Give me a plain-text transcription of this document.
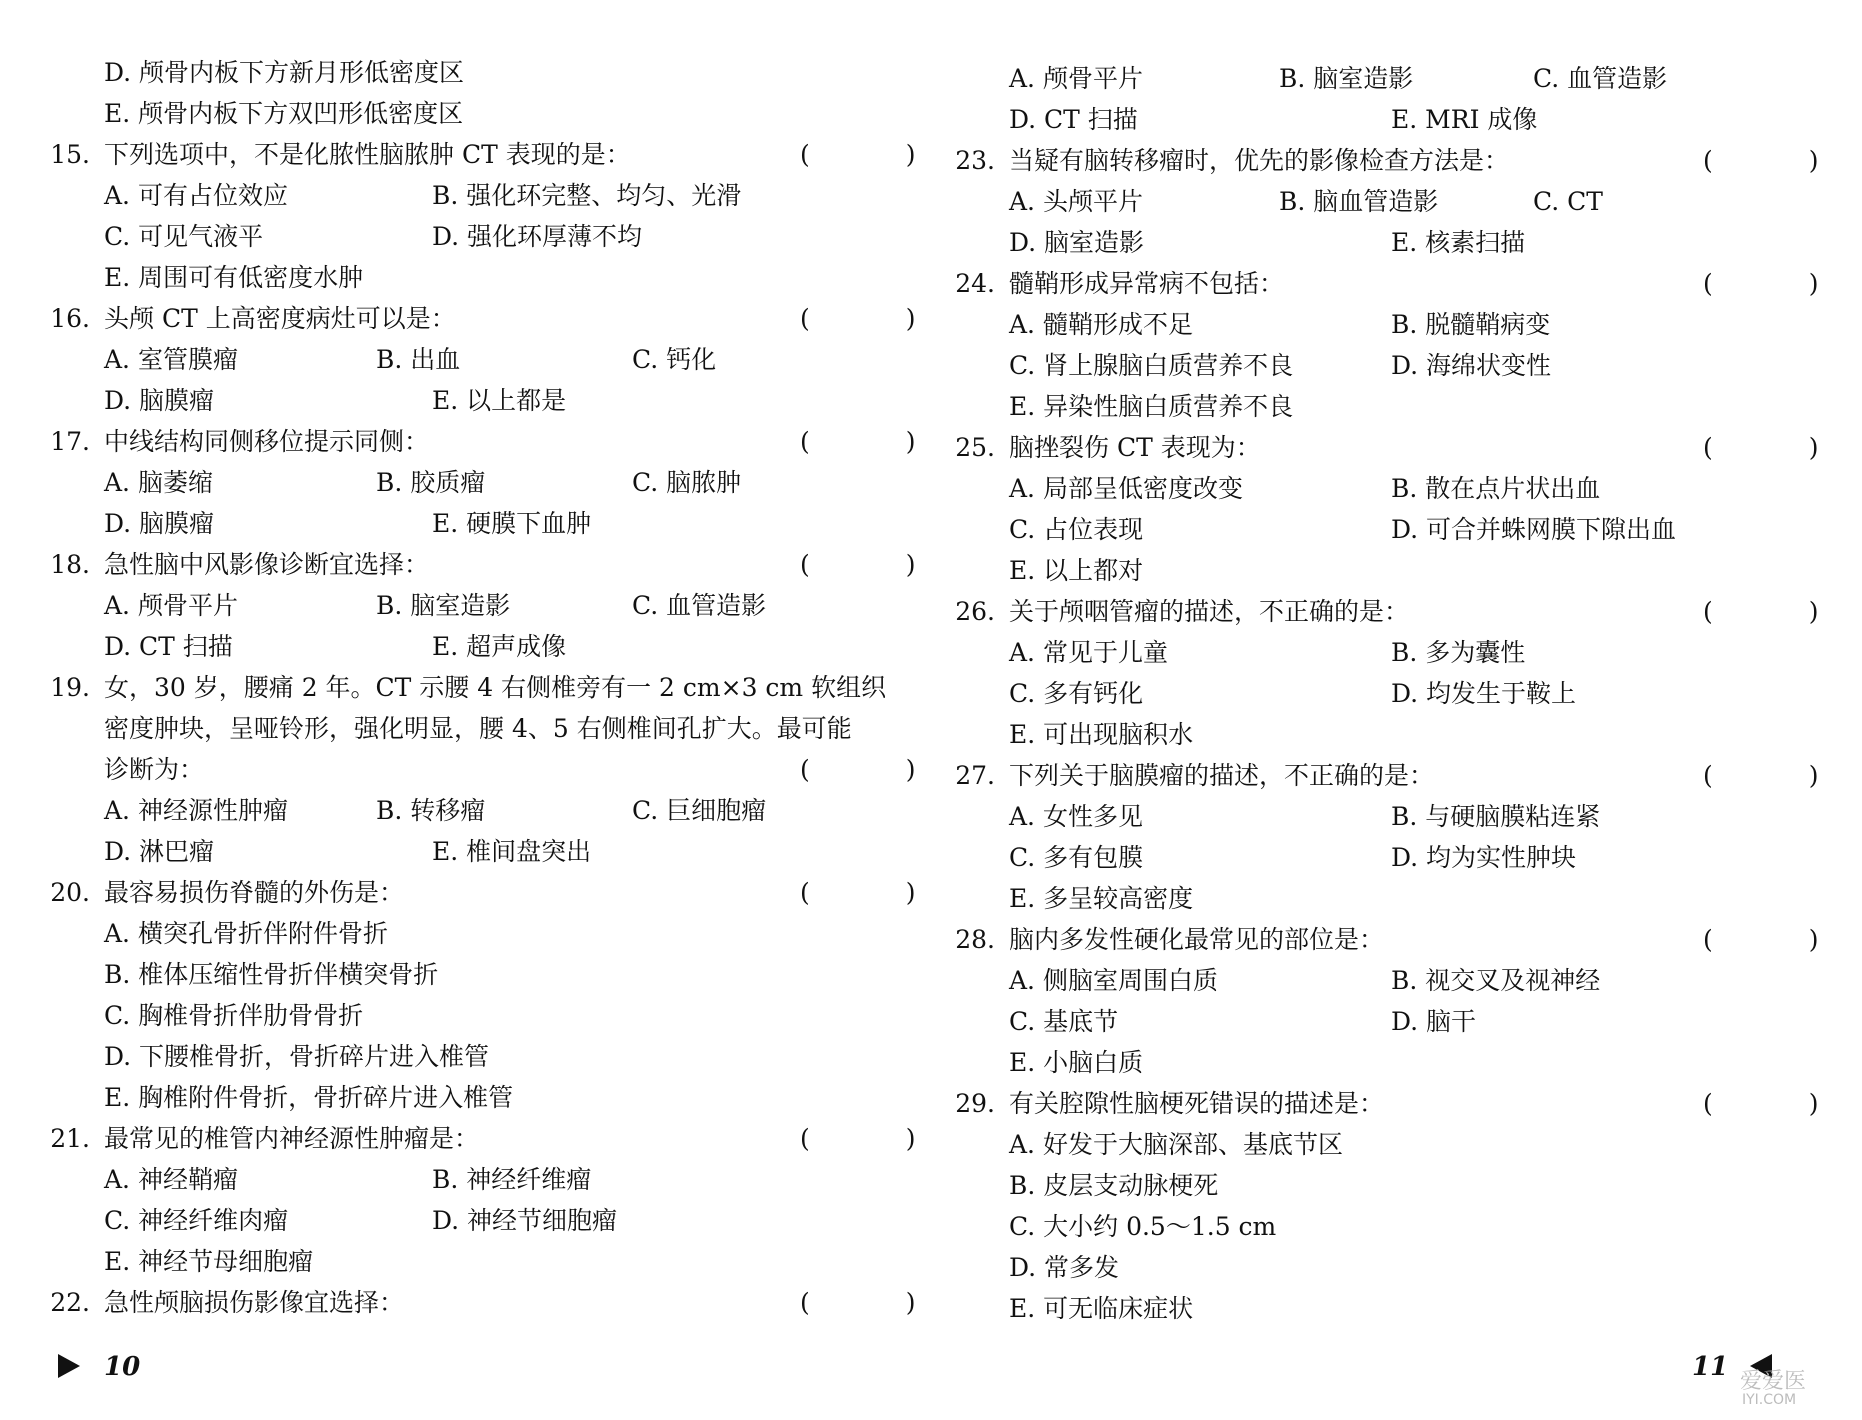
D. 颅骨内板下方新月形低密度区
E. 颅骨内板下方双凹形低密度区
15. 下列选项中，不是化脓性脑脓肿 CT 表现的是：	( )
A. 可有占位效应	B. 强化环完整、均匀、光滑
C. 可见气液平	D. 强化环厚薄不均
E. 周围可有低密度水肿
16. 头颅 CT 上高密度病灶可以是：	( )
A. 室管膜瘤	B. 出血	C. 钙化
D. 脑膜瘤	E. 以上都是
17. 中线结构同侧移位提示同侧：	( )
A. 脑萎缩	B. 胶质瘤	C. 脑脓肿
D. 脑膜瘤	E. 硬膜下血肿
18. 急性脑中风影像诊断宜选择：	( )
A. 颅骨平片	B. 脑室造影	C. 血管造影
D. CT 扫描	E. 超声成像
19. 女，30 岁，腰痛 2 年。CT 示腰 4 右侧椎旁有一 2 cm×3 cm 软组织
密度肿块，呈哑铃形，强化明显，腰 4、5 右侧椎间孔扩大。最可能
诊断为：	( )
A. 神经源性肿瘤	B. 转移瘤	C. 巨细胞瘤
D. 淋巴瘤	E. 椎间盘突出
20. 最容易损伤脊髓的外伤是：	( )
A. 横突孔骨折伴附件骨折
B. 椎体压缩性骨折伴横突骨折
C. 胸椎骨折伴肋骨骨折
D. 下腰椎骨折，骨折碎片进入椎管
E. 胸椎附件骨折，骨折碎片进入椎管
21. 最常见的椎管内神经源性肿瘤是：	( )
A. 神经鞘瘤	B. 神经纤维瘤
C. 神经纤维肉瘤	D. 神经节细胞瘤
E. 神经节母细胞瘤
22. 急性颅脑损伤影像宜选择：	( )
A. 颅骨平片	B. 脑室造影	C. 血管造影
D. CT 扫描	E. MRI 成像
23. 当疑有脑转移瘤时，优先的影像检查方法是：	( )
A. 头颅平片	B. 脑血管造影	C. CT
D. 脑室造影	E. 核素扫描
24. 髓鞘形成异常病不包括：	( )
A. 髓鞘形成不足	B. 脱髓鞘病变
C. 肾上腺脑白质营养不良	D. 海绵状变性
E. 异染性脑白质营养不良
25. 脑挫裂伤 CT 表现为：	( )
A. 局部呈低密度改变	B. 散在点片状出血
C. 占位表现	D. 可合并蛛网膜下隙出血
E. 以上都对
26. 关于颅咽管瘤的描述，不正确的是：	( )
A. 常见于儿童	B. 多为囊性
C. 多有钙化	D. 均发生于鞍上
E. 可出现脑积水
27. 下列关于脑膜瘤的描述，不正确的是：	( )
A. 女性多见	B. 与硬脑膜粘连紧
C. 多有包膜	D. 均为实性肿块
E. 多呈较高密度
28. 脑内多发性硬化最常见的部位是：	( )
A. 侧脑室周围白质	B. 视交叉及视神经
C. 基底节	D. 脑干
E. 小脑白质
29. 有关腔隙性脑梗死错误的描述是：	( )
A. 好发于大脑深部、基底节区
B. 皮层支动脉梗死
C. 大小约 0.5～1.5 cm
D. 常多发
E. 可无临床症状
10	11 爱爱医
IYI.COM
